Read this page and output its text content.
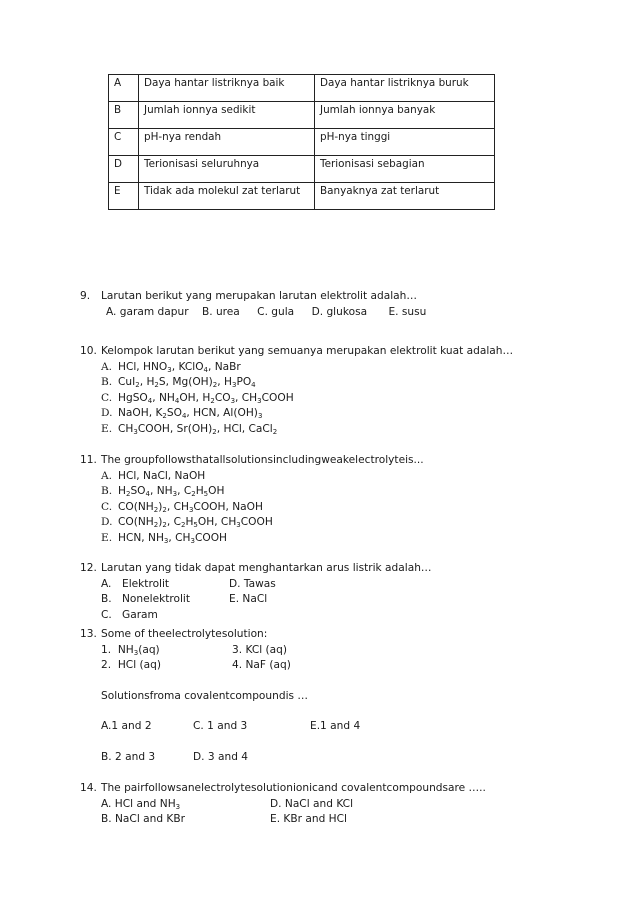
A	Daya hantar listriknya baik	Daya hantar listriknya buruk
B	Jumlah ionnya sedikit	Jumlah ionnya banyak
C	pH-nya rendah	pH-nya tinggi
D	Terionisasi seluruhnya	Terionisasi sebagian
E	Tidak ada molekul zat terlarut	Banyaknya zat terlarut
9. Larutan berikut yang merupakan larutan elektrolit adalah…
A. garam dapur B. urea C. gula D. glukosa E. susu
10. Kelompok larutan berikut yang semuanya merupakan elektrolit kuat adalah…
A. HCl, $HNO_3$, KClO$_4$, NaBr
B. CuI$_2$, $H_2S$, $Mg(OH)_2$, $H_3PO_4$
C. HgSO$_4$, $NH_4OH$, $H_2CO_3$, $CH_3COOH$
D. NaOH, $K_2SO_4$, HCN, $Al(OH)_3$
E. $CH_3COOH$, $Sr(OH)_2$, HCl, CaCl$_2$
11. The groupfollowsthatallsolutionsincludingweakelectrolyteis...
A. HCl, NaCl, NaOH
B. $H_2SO_4$, $NH_3$, $C_2H_5OH$
C. $CO(NH_2)_2$, $CH_3COOH$, NaOH
D. $CO(NH_2)_2$, $C_2H_5OH$, $CH_3COOH$
E. HCN, $NH_3$, $CH_3COOH$
12. Larutan yang tidak dapat menghantarkan arus listrik adalah…
A. Elektrolit	D. Tawas
B. Nonelektrolit	E. NaCl
C. Garam
13. Some of theelectrolytesolution:
1.  $NH_3(aq)$	3. KCl (aq)
2.  HCl (aq)	4. NaF (aq)
Solutionsfroma covalentcompoundis …
A.1 and 2	C. 1 and 3	E.1 and 4
B. 2 and 3	D. 3 and 4
14. The pairfollowsanelectrolytesolutionionicand covalentcompoundsare …..
A. HCl and $NH_3$	D. NaCl and KCl
B. NaCl and KBr	E. KBr and HCl
